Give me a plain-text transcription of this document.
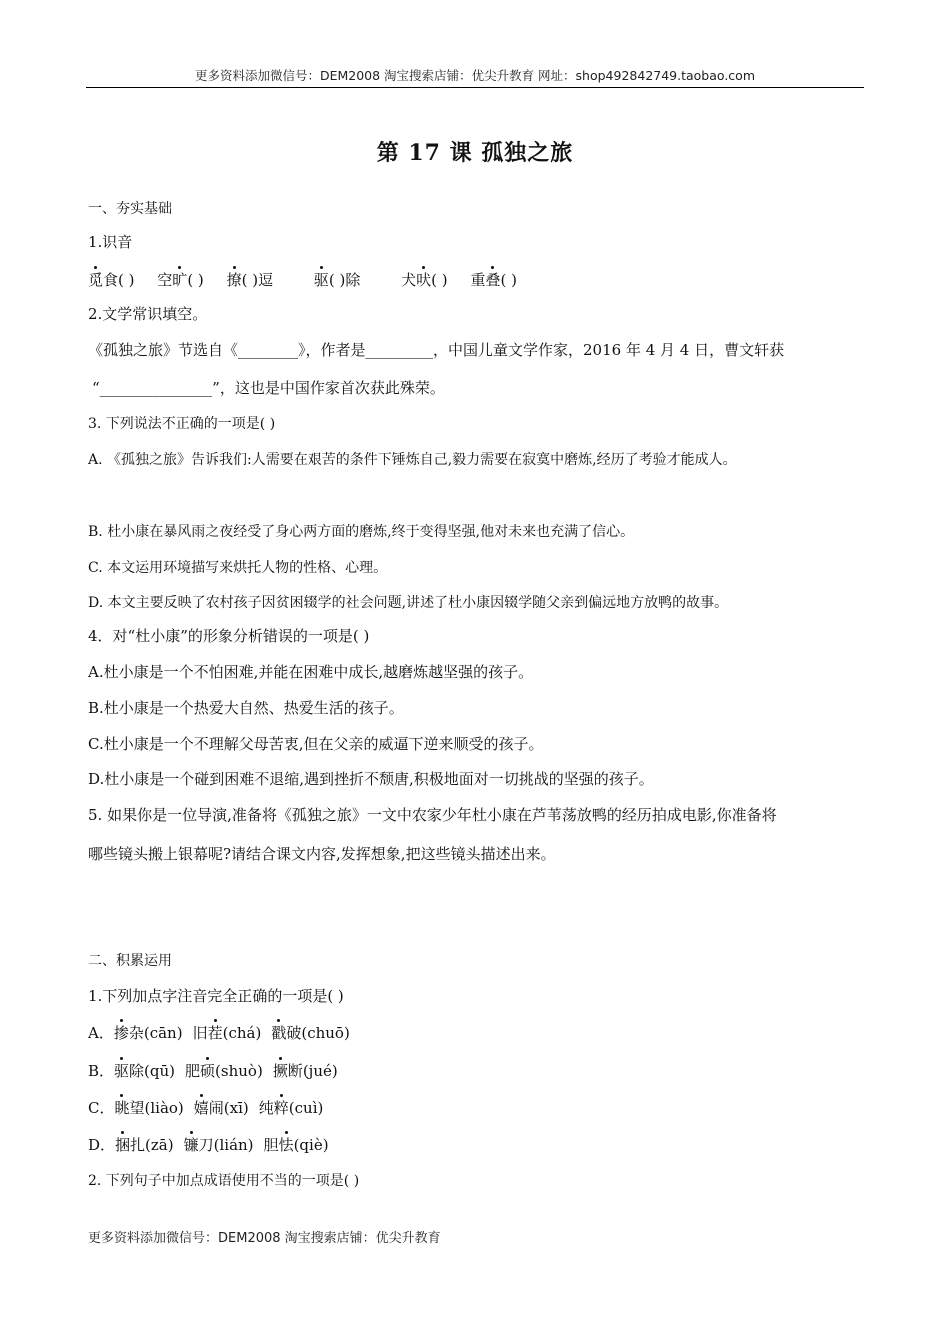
更多资料添加微信号：DEM2008 淘宝搜索店铺：优尖升教育 网址：shop492842749.taobao.com
第 17 课 孤独之旅
一、夯实基础
1.识音
觅食( ) 空旷( ) 撩( )逗	驱( )除	犬吠( ) 重叠( )
2.文学常识填空。
《孤独之旅》节选自《________》，作者是_________，中国儿童文学作家，2016 年 4 月 4 日，曹文轩获
“_______________”，这也是中国作家首次获此殊荣。
3. 下列说法不正确的一项是( )
A. 《孤独之旅》告诉我们:人需要在艰苦的条件下锤炼自己,毅力需要在寂寞中磨炼,经历了考验才能成人。
B. 杜小康在暴风雨之夜经受了身心两方面的磨炼,终于变得坚强,他对未来也充满了信心。
C. 本文运用环境描写来烘托人物的性格、心理。
D. 本文主要反映了农村孩子因贫困辍学的社会问题,讲述了杜小康因辍学随父亲到偏远地方放鸭的故事。
4．对“杜小康”的形象分析错误的一项是( )
A.杜小康是一个不怕困难,并能在困难中成长,越磨炼越坚强的孩子。
B.杜小康是一个热爱大自然、热爱生活的孩子。
C.杜小康是一个不理解父母苦衷,但在父亲的威逼下逆来顺受的孩子。
D.杜小康是一个碰到困难不退缩,遇到挫折不颓唐,积极地面对一切挑战的坚强的孩子。
5. 如果你是一位导演,准备将《孤独之旅》一文中农家少年杜小康在芦苇荡放鸭的经历拍成电影,你准备将
哪些镜头搬上银幕呢?请结合课文内容,发挥想象,把这些镜头描述出来。
二、积累运用
1.下列加点字注音完全正确的一项是( )
A．掺杂(cān) 旧茬(chá) 戳破(chuō)
B．驱除(qū) 肥硕(shuò) 撅断(jué)
C．眺望(liào) 嬉闹(xī) 纯粹(cuì)
D．捆扎(zā) 镰刀(lián) 胆怯(qiè)
2. 下列句子中加点成语使用不当的一项是( )
更多资料添加微信号：DEM2008 淘宝搜索店铺：优尖升教育
